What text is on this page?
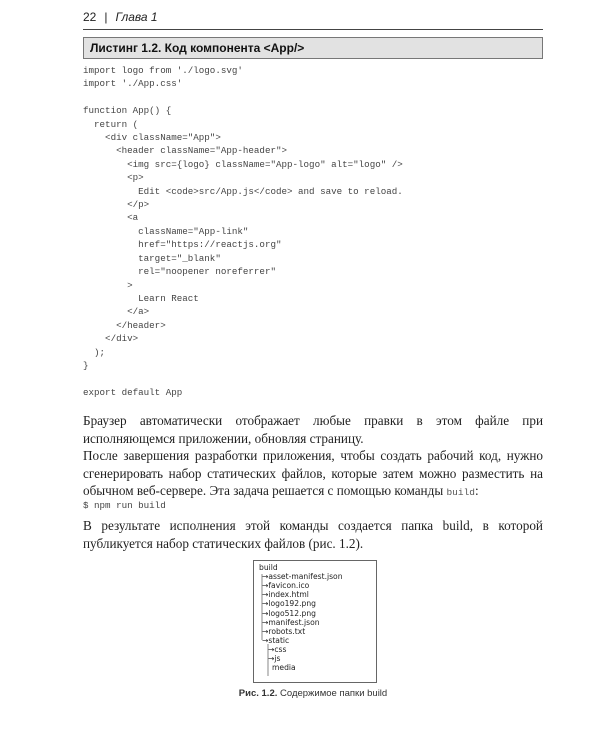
22 | Глава 1
Листинг 1.2. Код компонента <App/>
import logo from './logo.svg'
import './App.css'

function App() {
return (
<div className="App">
<header className="App-header">
<img src={logo} className="App-logo" alt="logo" />
<p>
Edit <code>src/App.js</code> and save to reload.
</p>
<a
className="App-link"
href="https://reactjs.org"
target="_blank"
rel="noopener noreferrer"
>
Learn React
</a>
</header>
</div>
);
}

export default App

Браузер автоматически отображает любые правки в этом файле при исполняющемся приложении, обновляя страницу.

После завершения разработки приложения, чтобы создать рабочий код, нужно сгенерировать набор статических файлов, которые затем можно разместить на обычном веб-сервере. Эта задача решается с помощью команды build:

$ npm run build

В результате исполнения этой команды создается папка build, в которой публикуется набор статических файлов (рис. 1.2).

build
→asset-manifest.json
→favicon.ico
→index.html
→logo192.png
→logo512.png
→manifest.json
→robots.txt
→static
→css
→js
media
Рис. 1.2. Содержимое папки build
